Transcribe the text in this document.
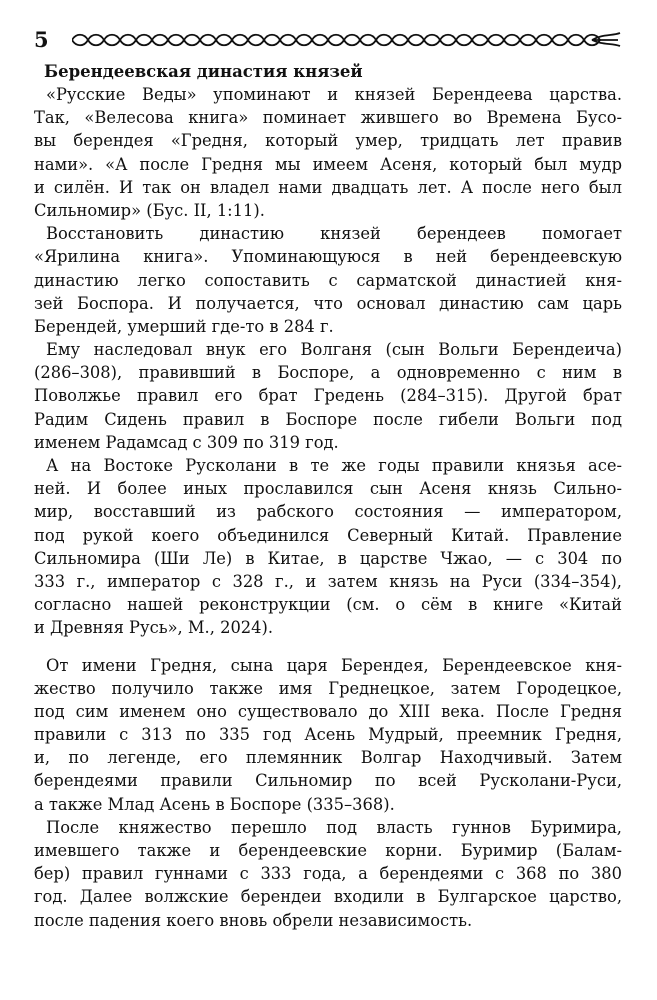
5
Берендеевская династия князей

«Русские Веды» упоминают и князей Берендеева царства.
Так, «Велесова книга» поминает жившего во Времена Бусо-
вы берендея «Гредня, который умер, тридцать лет правив
нами». «А после Гредня мы имеем Асеня, который был мудр
и силён. И так он владел нами двадцать лет. А после него был
Сильномир» (Бус. II, 1:11).

Восстановить династию князей берендеев помогает
«Ярилина книга». Упоминающуюся в ней берендеевскую
династию легко сопоставить с сарматской династией кня-
зей Боспора. И получается, что основал династию сам царь
Берендей, умерший где-то в 284 г.

Ему наследовал внук его Волганя (сын Вольги Берендеича)
(286–308), правивший в Боспоре, а одновременно с ним в
Поволжье правил его брат Гредень (284–315). Другой брат
Радим Сидень правил в Боспоре после гибели Вольги под
именем Радамсад с 309 по 319 год.

А на Востоке Русколани в те же годы правили князья асе-
ней. И более иных прославился сын Асеня князь Сильно-
мир, восставший из рабского состояния — императором,
под рукой коего объединился Северный Китай. Правление
Сильномира (Ши Ле) в Китае, в царстве Чжао, — с 304 по
333 г., император с 328 г., и затем князь на Руси (334–354),
согласно нашей реконструкции (см. о сём в книге «Китай
и Древняя Русь», М., 2024).

От имени Гредня, сына царя Берендея, Берендеевское кня-
жество получило также имя Греднецкое, затем Городецкое,
под сим именем оно существовало до XIII века. После Гредня
правили с 313 по 335 год Асень Мудрый, преемник Гредня,
и, по легенде, его племянник Волгар Находчивый. Затем
берендеями правили Сильномир по всей Русколани-Руси,
а также Млад Асень в Боспоре (335–368).

После княжество перешло под власть гуннов Буримира,
имевшего также и берендеевские корни. Буримир (Балам-
бер) правил гуннами с 333 года, а берендеями с 368 по 380
год. Далее волжские берендеи входили в Булгарское царство,
после падения коего вновь обрели независимость.
